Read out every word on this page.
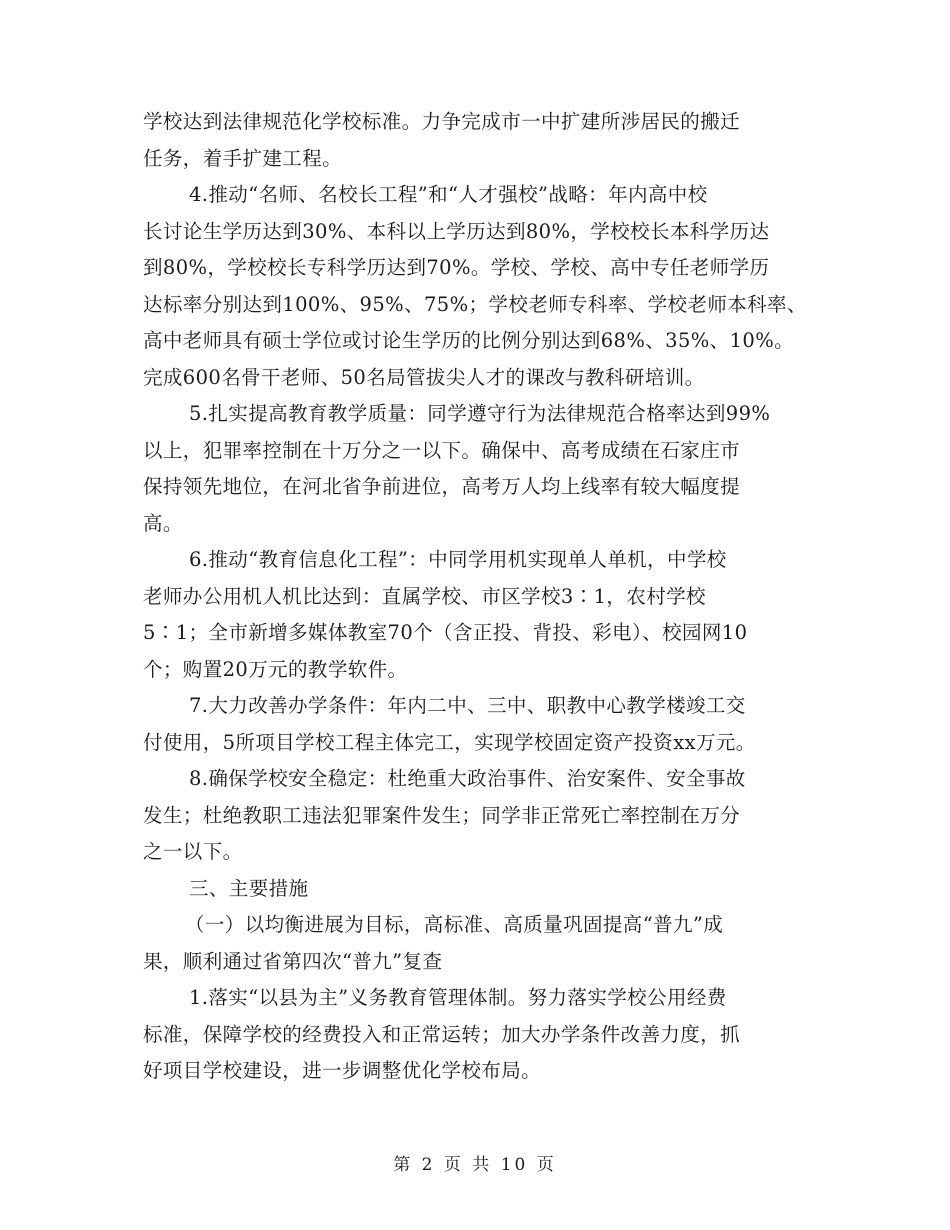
学校达到法律规范化学校标准。力争完成市一中扩建所涉居民的搬迁
任务，着手扩建工程。
4.推动“名师、名校长工程”和“人才强校”战略：年内高中校
长讨论生学历达到30%、本科以上学历达到80%，学校校长本科学历达
到80%，学校校长专科学历达到70%。学校、学校、高中专任老师学历
达标率分别达到100%、95%、75%；学校老师专科率、学校老师本科率、
高中老师具有硕士学位或讨论生学历的比例分别达到68%、35%、10%。
完成600名骨干老师、50名局管拔尖人才的课改与教科研培训。
5.扎实提高教育教学质量：同学遵守行为法律规范合格率达到99%
以上，犯罪率控制在十万分之一以下。确保中、高考成绩在石家庄市
保持领先地位，在河北省争前进位，高考万人均上线率有较大幅度提
高。
6.推动“教育信息化工程”：中同学用机实现单人单机，中学校
老师办公用机人机比达到：直属学校、市区学校3∶1，农村学校
5∶1；全市新增多媒体教室70个（含正投、背投、彩电）、校园网10
个；购置20万元的教学软件。
7.大力改善办学条件：年内二中、三中、职教中心教学楼竣工交
付使用，5所项目学校工程主体完工，实现学校固定资产投资xx万元。
8.确保学校安全稳定：杜绝重大政治事件、治安案件、安全事故
发生；杜绝教职工违法犯罪案件发生；同学非正常死亡率控制在万分
之一以下。
三、主要措施
（一）以均衡进展为目标，高标准、高质量巩固提高“普九”成
果，顺利通过省第四次“普九”复查
1.落实“以县为主”义务教育管理体制。努力落实学校公用经费
标准，保障学校的经费投入和正常运转；加大办学条件改善力度，抓
好项目学校建设，进一步调整优化学校布局。
第 2 页 共 10 页
